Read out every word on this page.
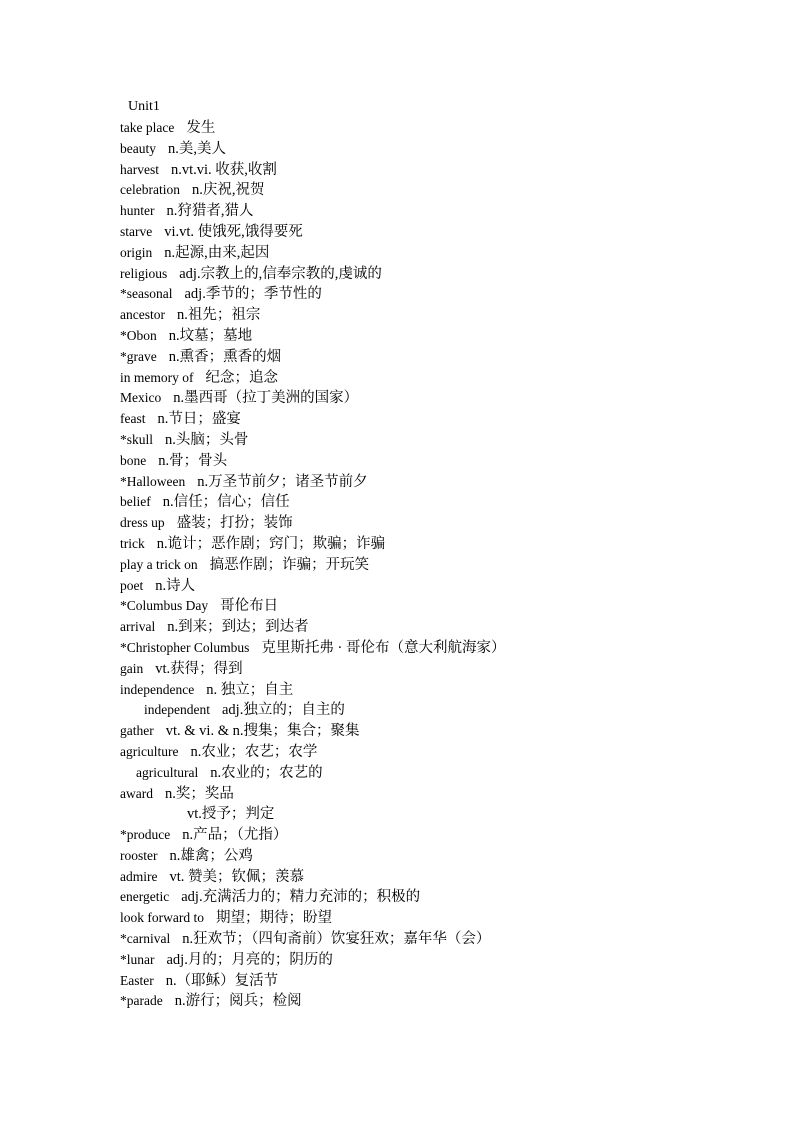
Unit1
take place 发生
beauty n.美,美人
harvest n.vt.vi. 收获,收割
celebration n.庆祝,祝贺
hunter n.狩猎者,猎人
starve vi.vt. 使饿死,饿得要死
origin n.起源,由来,起因
religious adj.宗教上的,信奉宗教的,虔诚的
*seasonal adj.季节的；季节性的
ancestor n.祖先；祖宗
*Obon n.坟墓；墓地
*grave n.熏香；熏香的烟
in memory of 纪念；追念
Mexico n.墨西哥（拉丁美洲的国家）
feast n.节日；盛宴
*skull n.头脑；头骨
bone n.骨；骨头
*Halloween n.万圣节前夕；诸圣节前夕
belief n.信任；信心；信任
dress up 盛装；打扮；装饰
trick n.诡计；恶作剧；窍门；欺骗；诈骗
play a trick on 搞恶作剧；诈骗；开玩笑
poet n.诗人
*Columbus Day 哥伦布日
arrival n.到来；到达；到达者
*Christopher Columbus 克里斯托弗 · 哥伦布（意大利航海家）
gain vt.获得；得到
independence n. 独立；自主
independent adj.独立的；自主的
gather vt. & vi. & n.搜集；集合；聚集
agriculture n.农业；农艺；农学
agricultural n.农业的；农艺的
award n.奖；奖品
vt.授予；判定
*produce n.产品；（尤指）
rooster n.雄禽；公鸡
admire vt. 赞美；钦佩；羡慕
energetic adj.充满活力的；精力充沛的；积极的
look forward to 期望；期待；盼望
*carnival n.狂欢节；（四旬斋前）饮宴狂欢；嘉年华（会）
*lunar adj.月的；月亮的；阴历的
Easter n.（耶稣）复活节
*parade n.游行；阅兵；检阅
